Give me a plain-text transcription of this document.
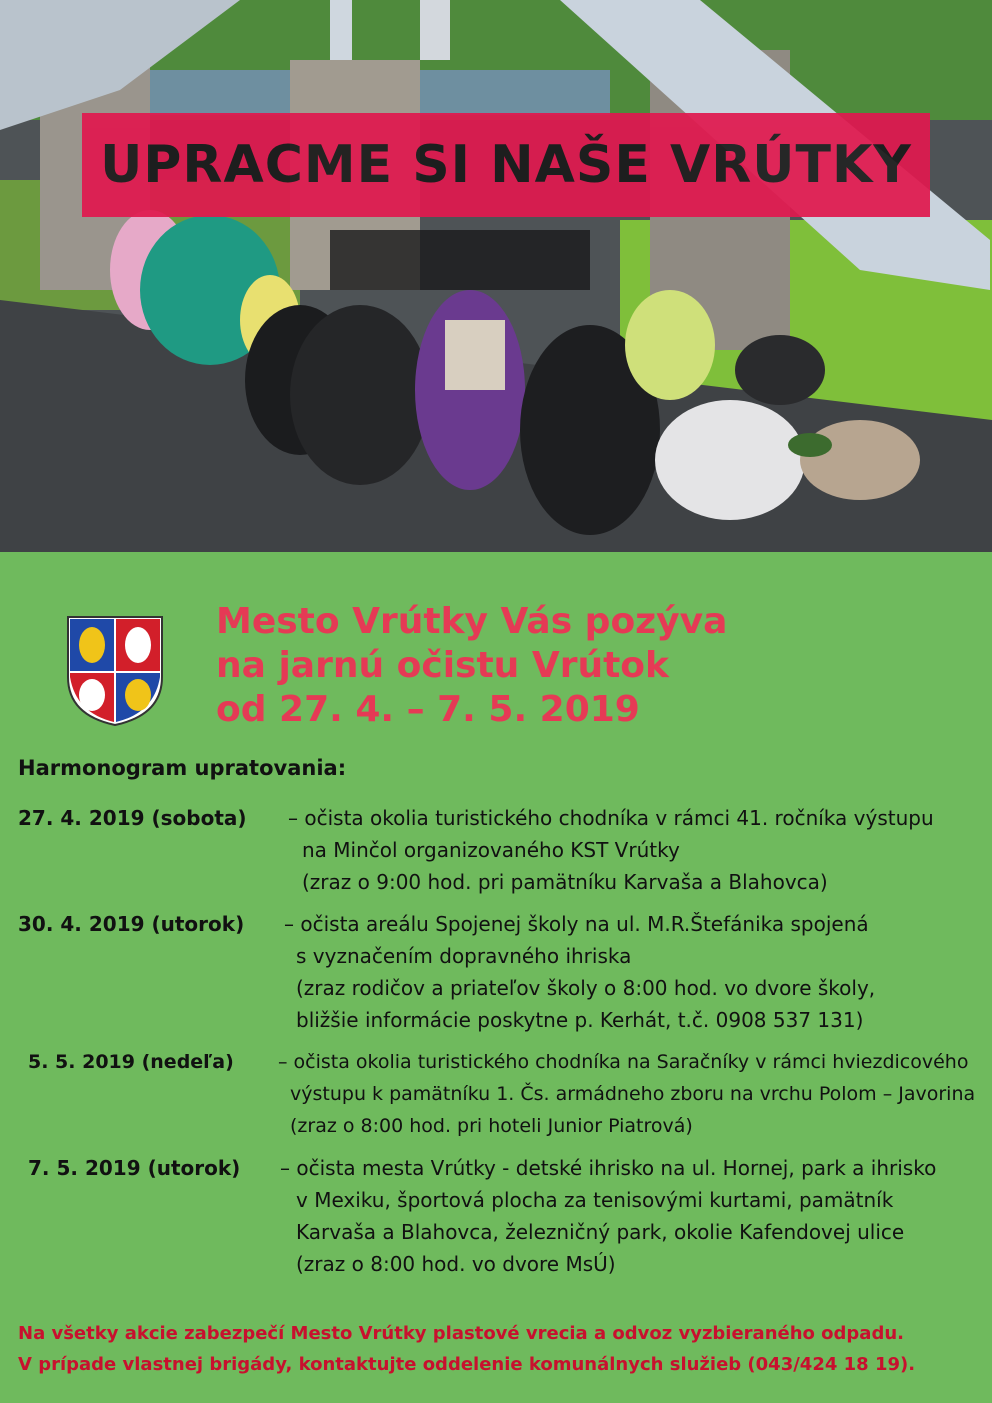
UPRACME SI NAŠE VRÚTKY
Mesto Vrútky Vás pozýva
na jarnú očistu Vrútok
od 27. 4. – 7. 5. 2019
Harmonogram upratovania:
27. 4. 2019 (sobota) – očista okolia turistického chodníka v rámci 41. ročníka výstupu
na Minčol organizovaného KST Vrútky
(zraz o 9:00 hod. pri pamätníku Karvaša a Blahovca)
30. 4. 2019 (utorok) – očista areálu Spojenej školy na ul. M.R.Štefánika spojená
s vyznačením dopravného ihriska
(zraz rodičov a priateľov školy o 8:00 hod. vo dvore školy,
bližšie informácie poskytne p. Kerhát, t.č. 0908 537 131)
5. 5. 2019 (nedeľa) – očista okolia turistického chodníka na Saračníky v rámci hviezdicového
výstupu k pamätníku 1. Čs. armádneho zboru na vrchu Polom – Javorina
(zraz o 8:00 hod. pri hoteli Junior Piatrová)
7. 5. 2019 (utorok) – očista mesta Vrútky - detské ihrisko na ul. Hornej, park a ihrisko
v Mexiku, športová plocha za tenisovými kurtami, pamätník
Karvaša a Blahovca, železničný park, okolie Kafendovej ulice
(zraz o 8:00 hod. vo dvore MsÚ)
Na všetky akcie zabezpečí Mesto Vrútky plastové vrecia a odvoz vyzbieraného odpadu.
V prípade vlastnej brigády, kontaktujte oddelenie komunálnych služieb (043/424 18 19).
